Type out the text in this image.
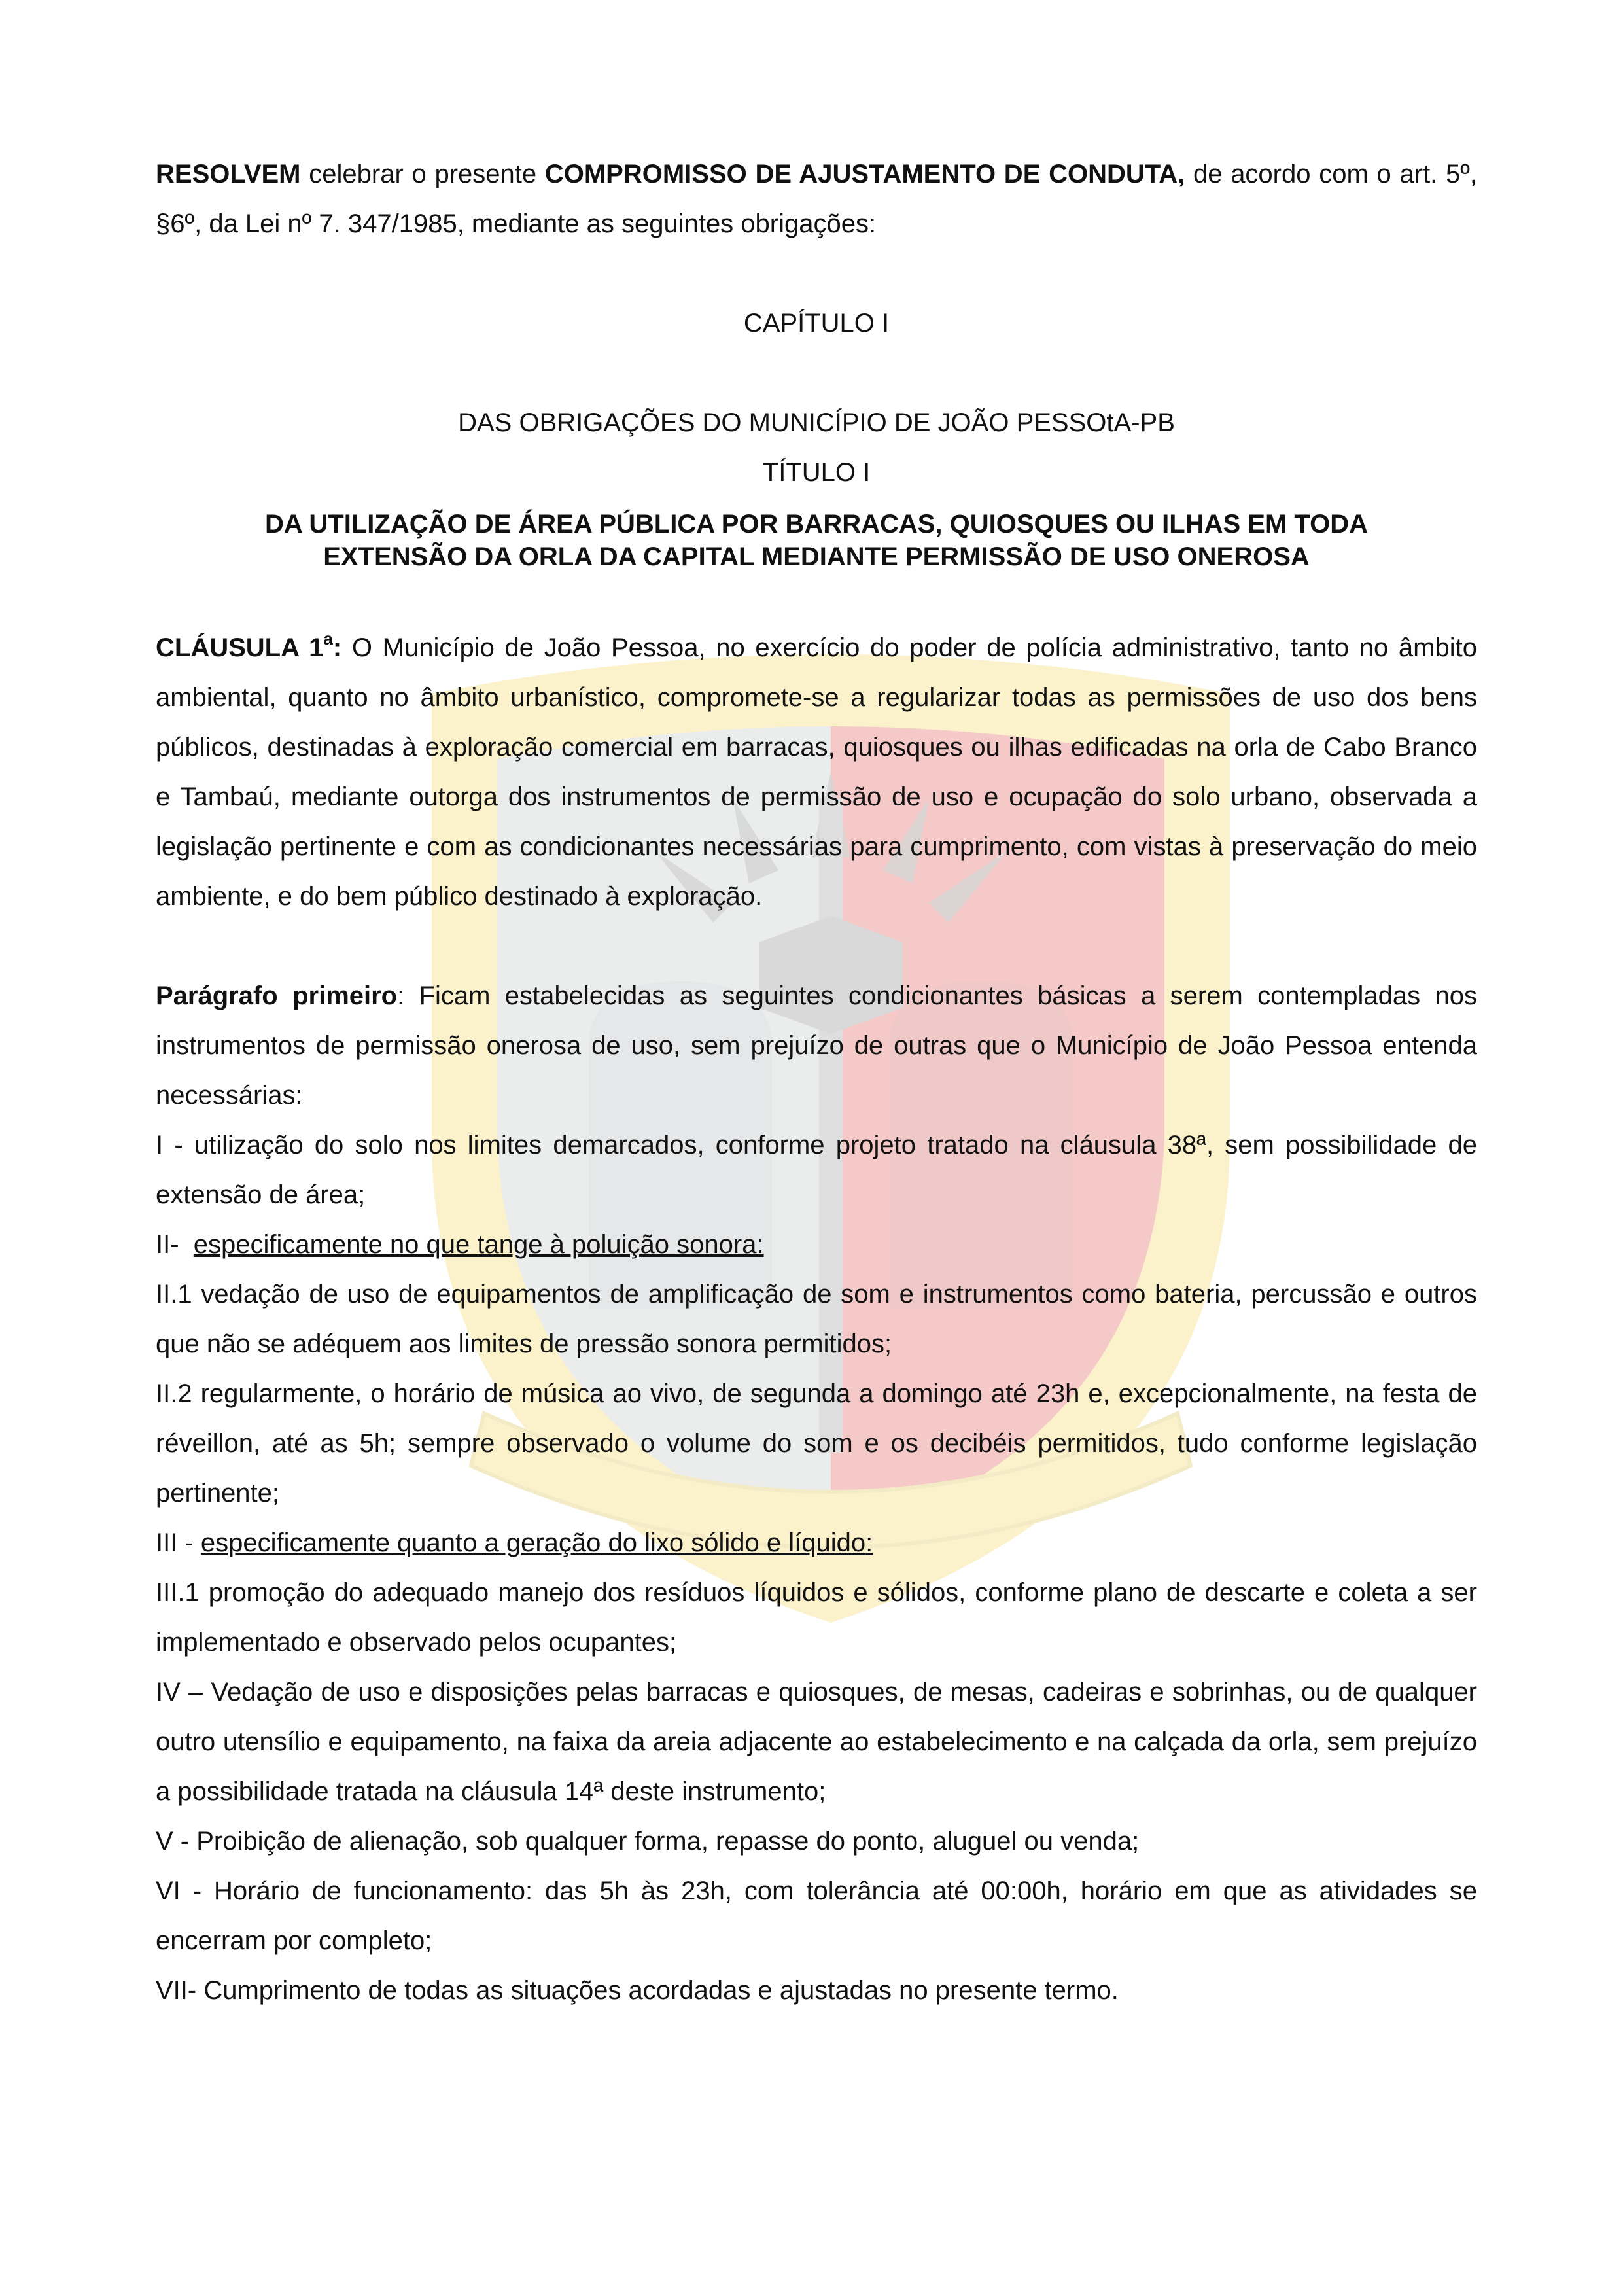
RESOLVEM celebrar o presente COMPROMISSO DE AJUSTAMENTO DE CONDUTA, de acordo com o art. 5º, §6º, da Lei nº 7. 347/1985, mediante as seguintes obrigações:

CAPÍTULO I

DAS OBRIGAÇÕES DO MUNICÍPIO DE JOÃO PESSOtA-PB

TÍTULO I

DA UTILIZAÇÃO DE ÁREA PÚBLICA POR BARRACAS, QUIOSQUES OU ILHAS EM TODA
EXTENSÃO DA ORLA DA CAPITAL MEDIANTE PERMISSÃO DE USO ONEROSA

CLÁUSULA 1$^a$: O Município de João Pessoa, no exercício do poder de polícia administrativo, tanto no âmbito ambiental, quanto no âmbito urbanístico, compromete-se a regularizar todas as permissões de uso dos bens públicos, destinadas à exploração comercial em barracas, quiosques ou ilhas edificadas na orla de Cabo Branco e Tambaú, mediante outorga dos instrumentos de permissão de uso e ocupação do solo urbano, observada a legislação pertinente e com as condicionantes necessárias para cumprimento, com vistas à preservação do meio ambiente, e do bem público destinado à exploração.

Parágrafo primeiro: Ficam estabelecidas as seguintes condicionantes básicas a serem contempladas nos instrumentos de permissão onerosa de uso, sem prejuízo de outras que o Município de João Pessoa entenda necessárias:

I - utilização do solo nos limites demarcados, conforme projeto tratado na cláusula 38ª, sem possibilidade de extensão de área;

II-  especificamente no que tange à poluição sonora:

II.1 vedação de uso de equipamentos de amplificação de som e instrumentos como bateria, percussão e outros que não se adéquem aos limites de pressão sonora permitidos;

II.2 regularmente, o horário de música ao vivo, de segunda a domingo até 23h e, excepcionalmente, na festa de réveillon, até as 5h; sempre observado o volume do som e os decibéis permitidos, tudo conforme legislação pertinente;

III - especificamente quanto a geração do lixo sólido e líquido:

III.1 promoção do adequado manejo dos resíduos líquidos e sólidos, conforme plano de descarte e coleta a ser implementado e observado pelos ocupantes;

IV – Vedação de uso e disposições pelas barracas e quiosques, de mesas, cadeiras e sobrinhas, ou de qualquer outro utensílio e equipamento, na faixa da areia adjacente ao estabelecimento e na calçada da orla, sem prejuízo a possibilidade tratada na cláusula 14ª deste instrumento;

V - Proibição de alienação, sob qualquer forma, repasse do ponto, aluguel ou venda;

VI - Horário de funcionamento: das 5h às 23h, com tolerância até 00:00h, horário em que as atividades se encerram por completo;

VII- Cumprimento de todas as situações acordadas e ajustadas no presente termo.
